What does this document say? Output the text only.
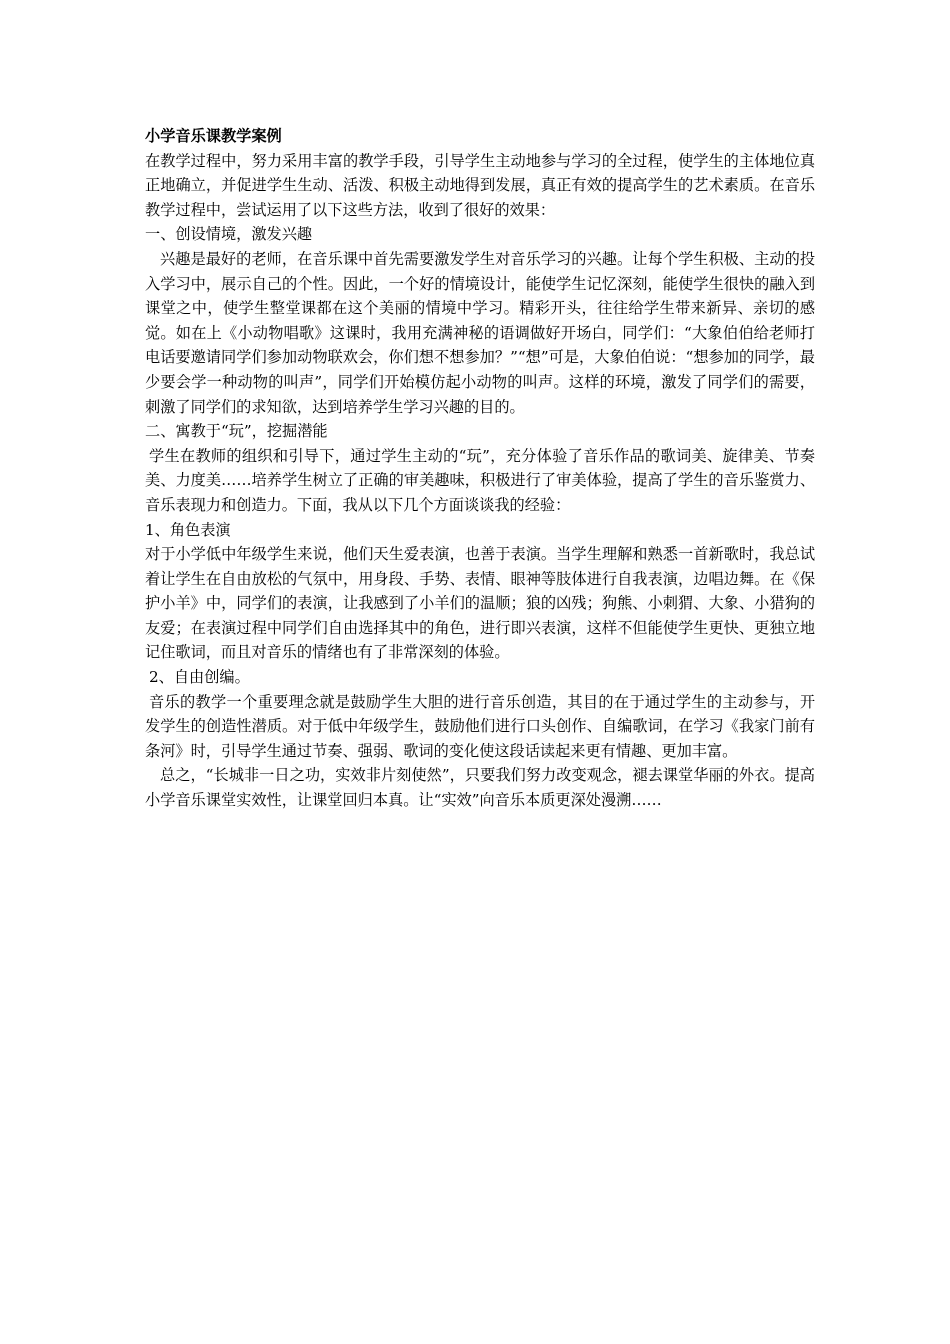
小学音乐课教学案例

在教学过程中，努力采用丰富的教学手段，引导学生主动地参与学习的全过程，使学生的主体地位真正地确立，并促进学生生动、活泼、积极主动地得到发展，真正有效的提高学生的艺术素质。在音乐教学过程中，尝试运用了以下这些方法，收到了很好的效果：

一、创设情境，激发兴趣

兴趣是最好的老师，在音乐课中首先需要激发学生对音乐学习的兴趣。让每个学生积极、主动的投入学习中，展示自己的个性。因此，一个好的情境设计，能使学生记忆深刻，能使学生很快的融入到课堂之中，使学生整堂课都在这个美丽的情境中学习。精彩开头，往往给学生带来新异、亲切的感觉。如在上《小动物唱歌》这课时，我用充满神秘的语调做好开场白，同学们：“大象伯伯给老师打电话要邀请同学们参加动物联欢会，你们想不想参加？”“想”可是，大象伯伯说：“想参加的同学，最少要会学一种动物的叫声”，同学们开始模仿起小动物的叫声。这样的环境，激发了同学们的需要，刺激了同学们的求知欲，达到培养学生学习兴趣的目的。

二、寓教于“玩”，挖掘潜能

学生在教师的组织和引导下，通过学生主动的“玩”，充分体验了音乐作品的歌词美、旋律美、节奏美、力度美……培养学生树立了正确的审美趣味，积极进行了审美体验，提高了学生的音乐鉴赏力、音乐表现力和创造力。下面，我从以下几个方面谈谈我的经验：

1、角色表演

对于小学低中年级学生来说，他们天生爱表演，也善于表演。当学生理解和熟悉一首新歌时，我总试着让学生在自由放松的气氛中，用身段、手势、表情、眼神等肢体进行自我表演，边唱边舞。在《保护小羊》中，同学们的表演，让我感到了小羊们的温顺；狼的凶残；狗熊、小刺猬、大象、小猎狗的友爱；在表演过程中同学们自由选择其中的角色，进行即兴表演，这样不但能使学生更快、更独立地记住歌词，而且对音乐的情绪也有了非常深刻的体验。

2、自由创编。

音乐的教学一个重要理念就是鼓励学生大胆的进行音乐创造，其目的在于通过学生的主动参与，开发学生的创造性潜质。对于低中年级学生，鼓励他们进行口头创作、自编歌词，在学习《我家门前有条河》时，引导学生通过节奏、强弱、歌词的变化使这段话读起来更有情趣、更加丰富。

总之，“长城非一日之功，实效非片刻使然”，只要我们努力改变观念，褪去课堂华丽的外衣。提高小学音乐课堂实效性，让课堂回归本真。让“实效”向音乐本质更深处漫溯……
